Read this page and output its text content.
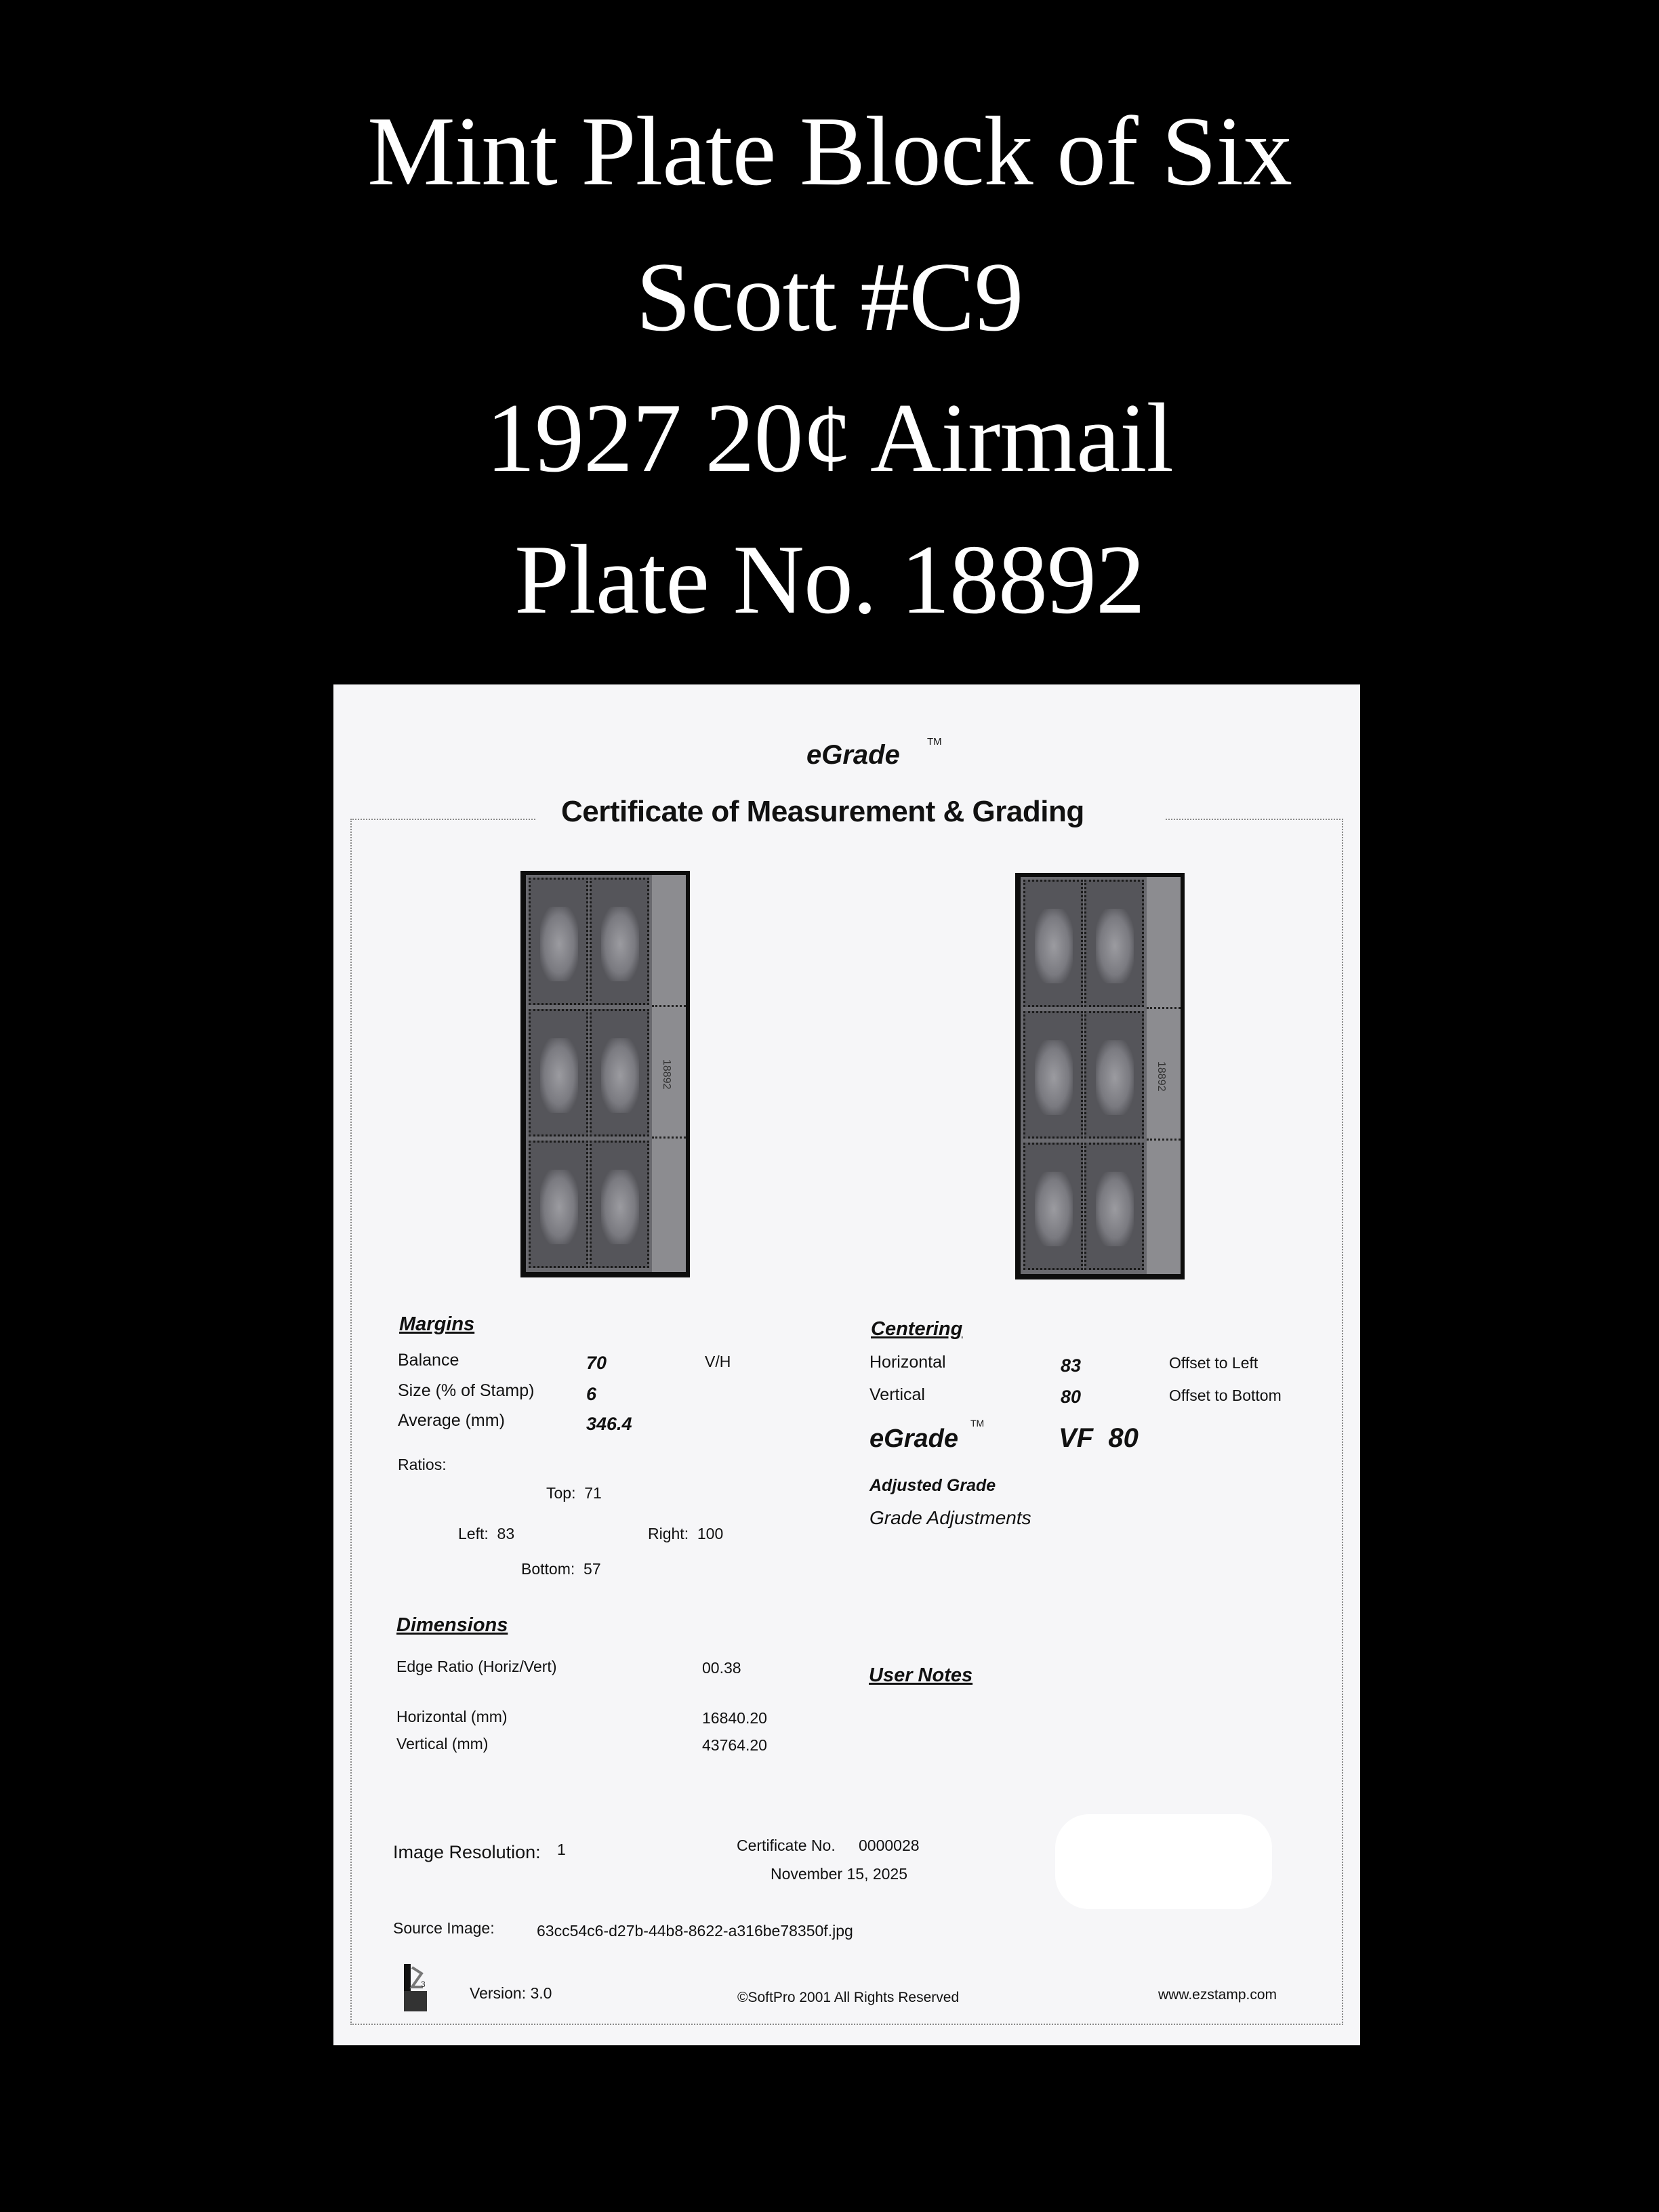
Mint Plate Block of Six
Scott #C9
1927 20¢ Airmail
Plate No. 18892
eGrade	TM
Certificate of Measurement & Grading
18892	18892
Margins
Balance	70	V/H
Size (% of Stamp)	6
Average (mm)	346.4
Ratios:
Top: 71
Left: 83	Right: 100
Bottom: 57
Centering
Horizontal	83	Offset to Left
Vertical	80	Offset to Bottom
eGrade
TM	VF  80
Adjusted Grade
Grade Adjustments
Dimensions
Edge Ratio (Horiz/Vert)	00.38
Horizontal (mm)	16840.20
Vertical (mm)	43764.20
User Notes
Image Resolution: 1	Certificate No. 0000028
November 15, 2025
Source Image:	63cc54c6-d27b-44b8-8622-a316be78350f.jpg
3	Version: 3.0	©SoftPro 2001 All Rights Reserved	www.ezstamp.com
